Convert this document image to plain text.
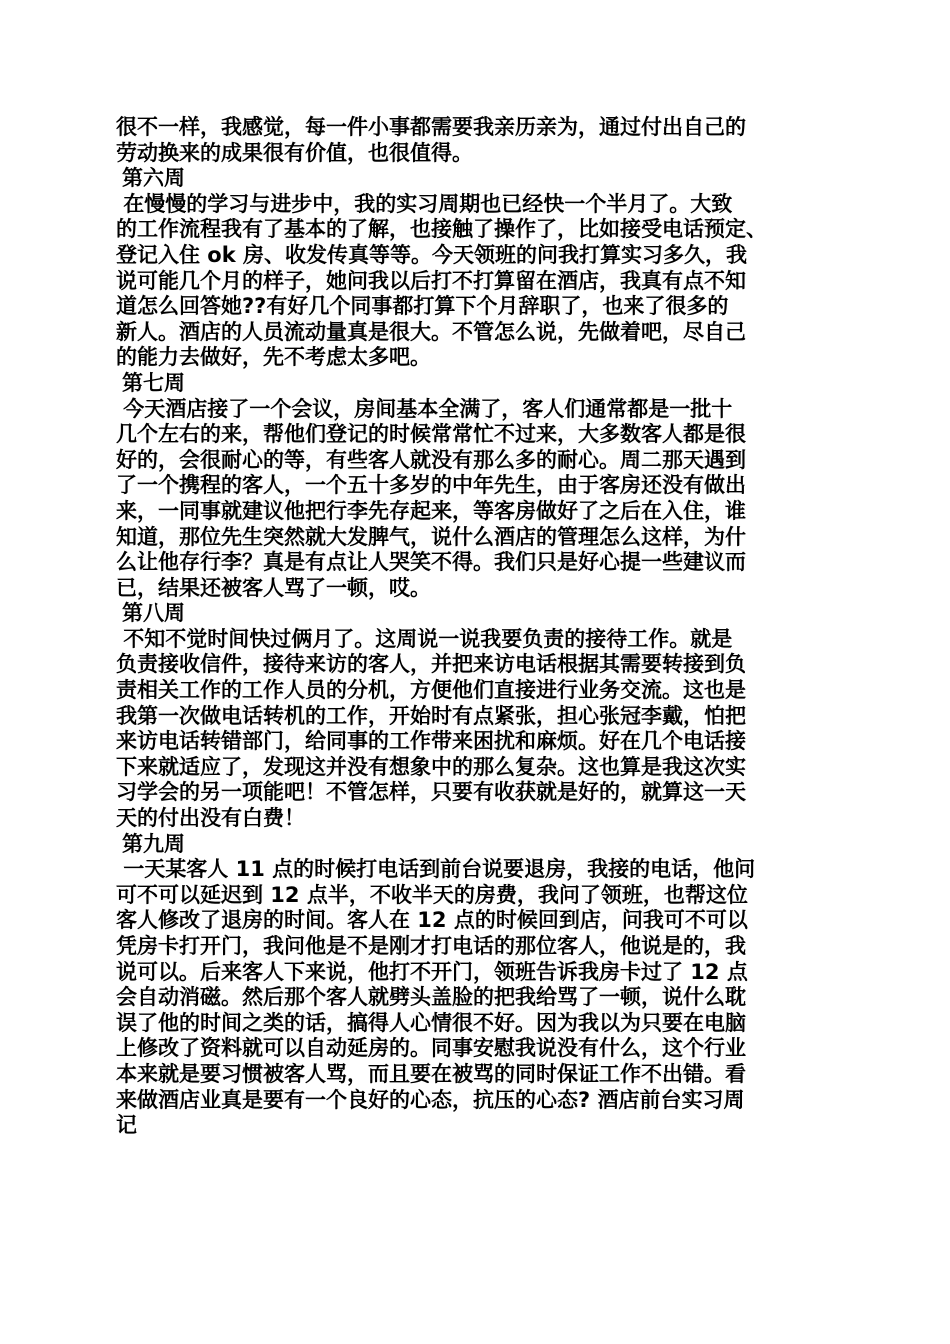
很不一样，我感觉，每一件小事都需要我亲历亲为，通过付出自己的
劳动换来的成果很有价值，也很值得。
第六周
在慢慢的学习与进步中，我的实习周期也已经快一个半月了。大致
的工作流程我有了基本的了解，也接触了操作了，比如接受电话预定、
登记入住 ok 房、收发传真等等。今天领班的问我打算实习多久，我
说可能几个月的样子，她问我以后打不打算留在酒店，我真有点不知
道怎么回答她??有好几个同事都打算下个月辞职了，也来了很多的
新人。酒店的人员流动量真是很大。不管怎么说，先做着吧，尽自己
的能力去做好，先不考虑太多吧。
第七周
今天酒店接了一个会议，房间基本全满了，客人们通常都是一批十
几个左右的来，帮他们登记的时候常常忙不过来，大多数客人都是很
好的，会很耐心的等，有些客人就没有那么多的耐心。周二那天遇到
了一个携程的客人，一个五十多岁的中年先生，由于客房还没有做出
来，一同事就建议他把行李先存起来，等客房做好了之后在入住，谁
知道，那位先生突然就大发脾气，说什么酒店的管理怎么这样，为什
么让他存行李？真是有点让人哭笑不得。我们只是好心提一些建议而
已，结果还被客人骂了一顿，哎。
第八周
不知不觉时间快过俩月了。这周说一说我要负责的接待工作。就是
负责接收信件，接待来访的客人，并把来访电话根据其需要转接到负
责相关工作的工作人员的分机，方便他们直接进行业务交流。这也是
我第一次做电话转机的工作，开始时有点紧张，担心张冠李戴，怕把
来访电话转错部门，给同事的工作带来困扰和麻烦。好在几个电话接
下来就适应了，发现这并没有想象中的那么复杂。这也算是我这次实
习学会的另一项能吧！不管怎样，只要有收获就是好的，就算这一天
天的付出没有白费！
第九周
一天某客人 11 点的时候打电话到前台说要退房，我接的电话，他问
可不可以延迟到 12 点半，不收半天的房费，我问了领班，也帮这位
客人修改了退房的时间。客人在 12 点的时候回到店，问我可不可以
凭房卡打开门，我问他是不是刚才打电话的那位客人，他说是的，我
说可以。后来客人下来说，他打不开门，领班告诉我房卡过了 12 点
会自动消磁。然后那个客人就劈头盖脸的把我给骂了一顿，说什么耽
误了他的时间之类的话，搞得人心情很不好。因为我以为只要在电脑
上修改了资料就可以自动延房的。同事安慰我说没有什么，这个行业
本来就是要习惯被客人骂，而且要在被骂的同时保证工作不出错。看
来做酒店业真是要有一个良好的心态，抗压的心态? 酒店前台实习周
记
